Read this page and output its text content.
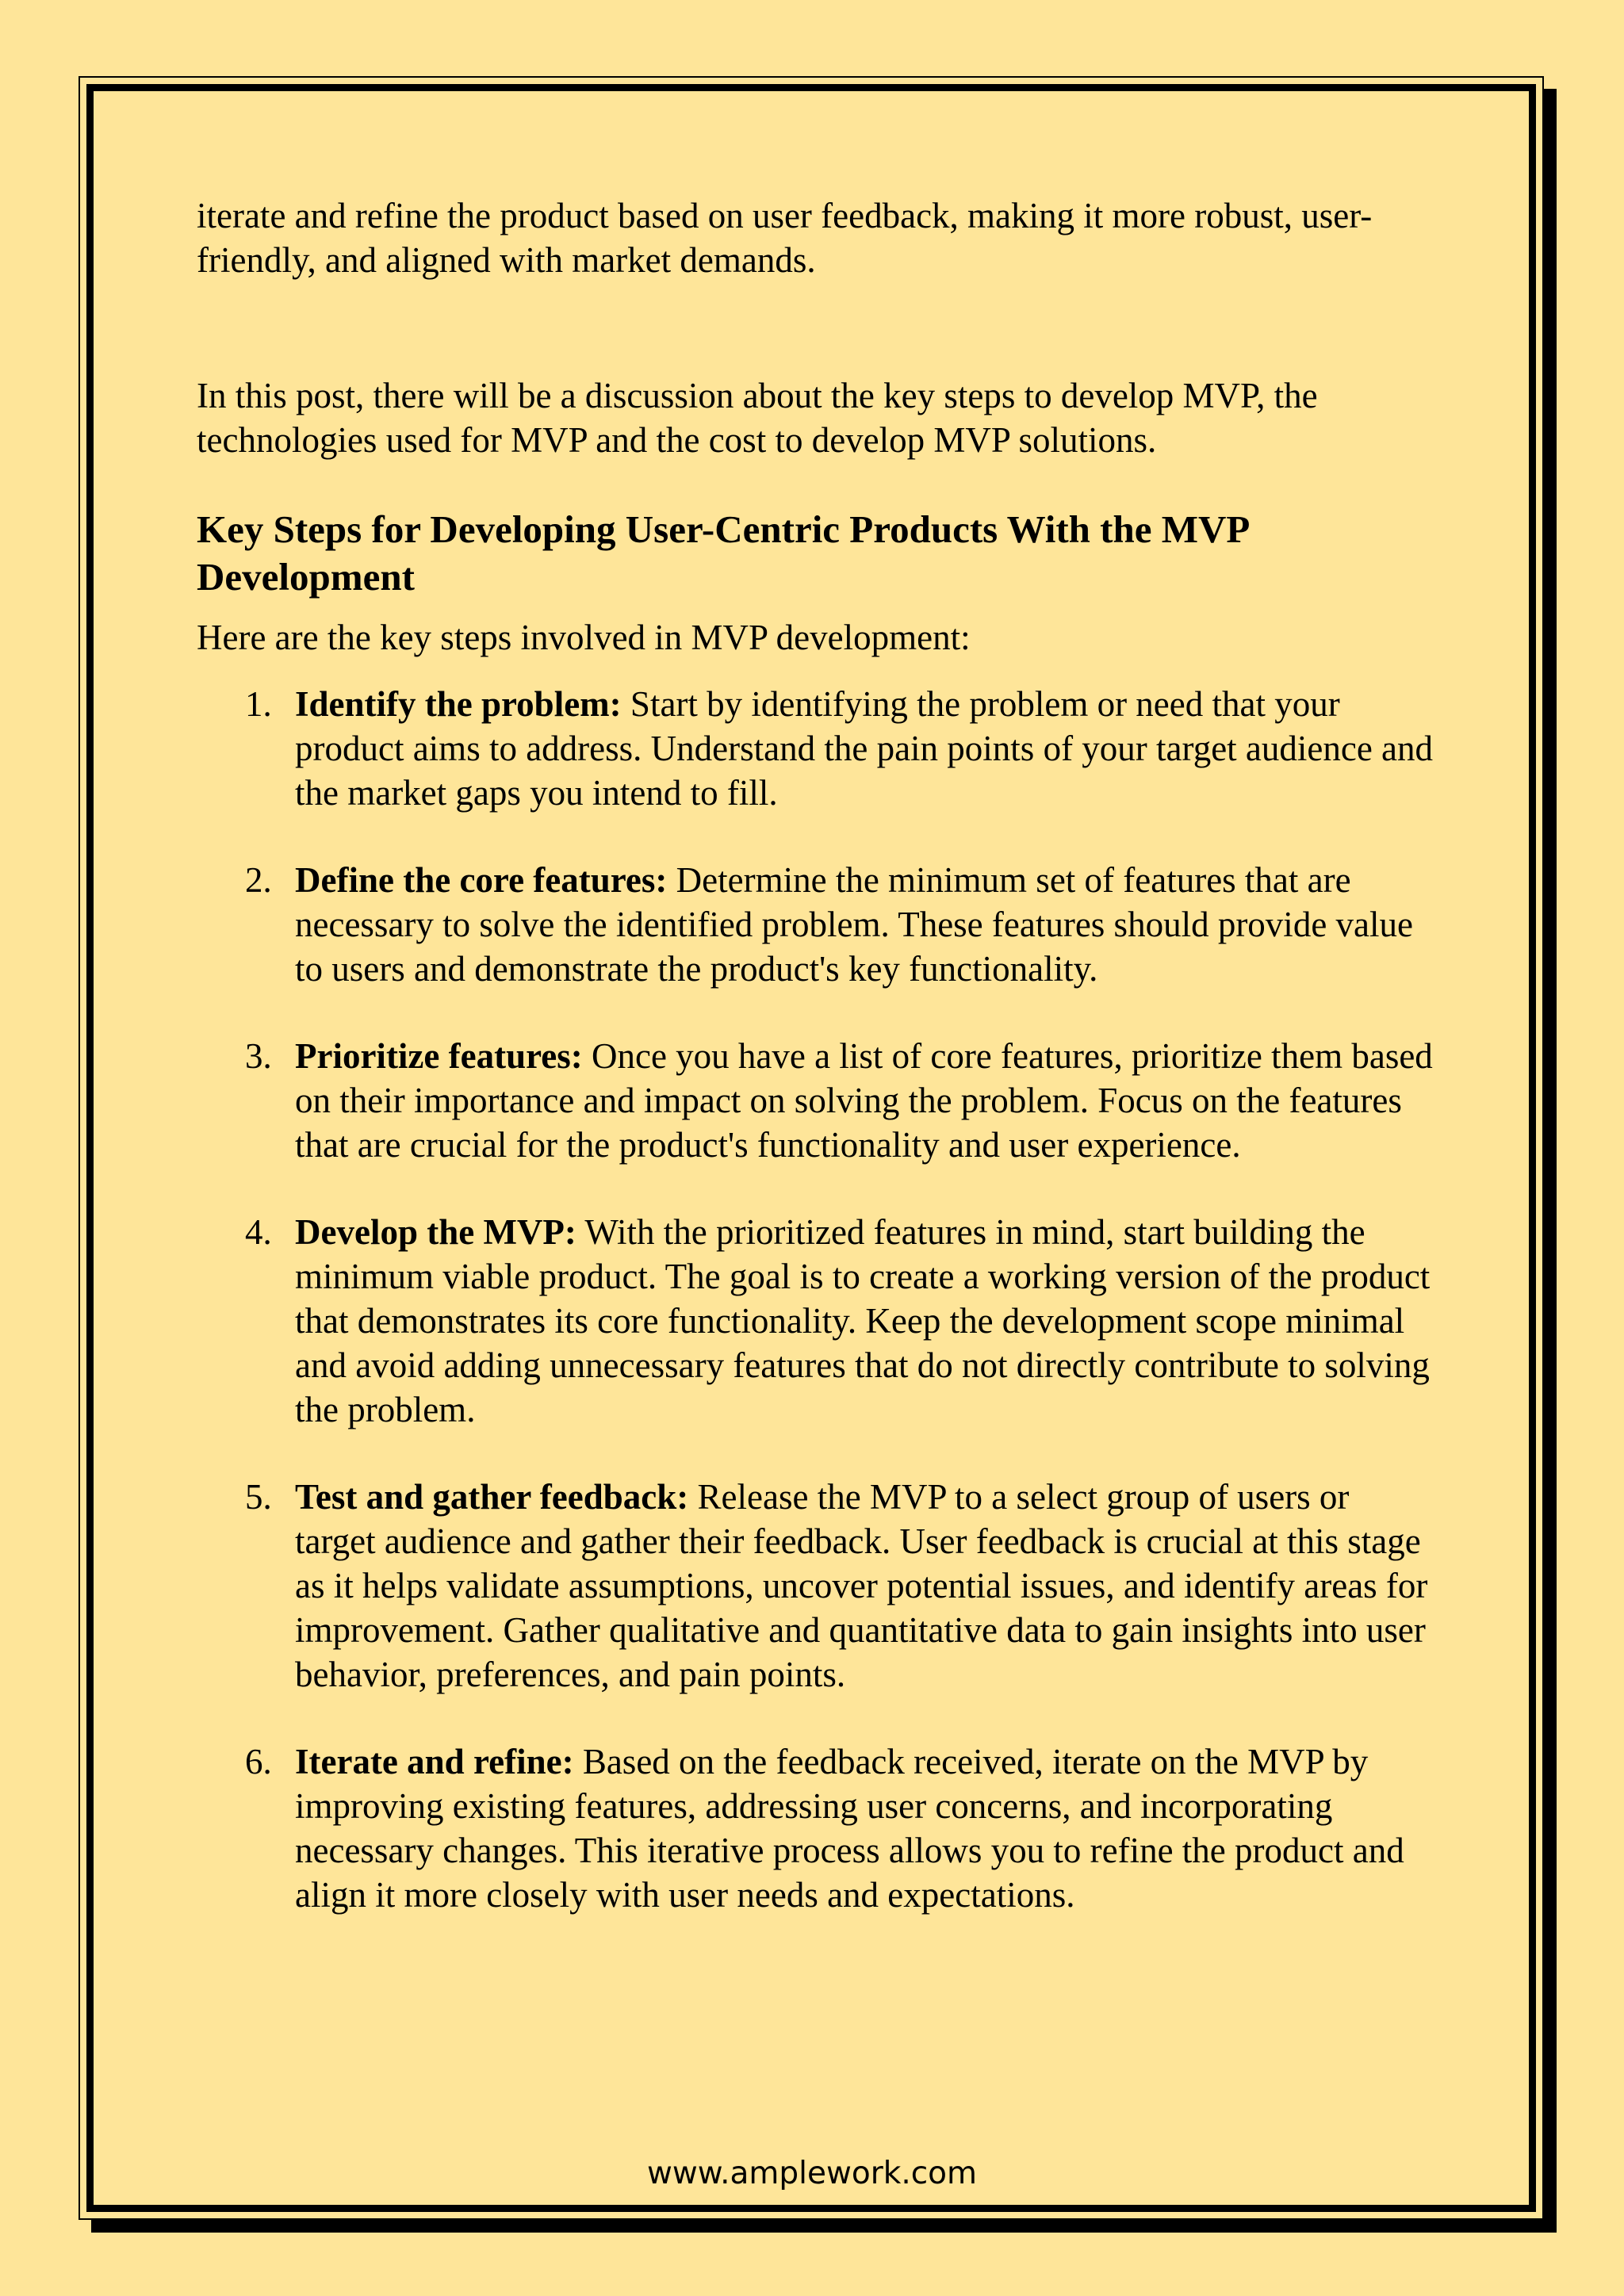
iterate and refine the product based on user feedback, making it more robust, user-friendly, and aligned with market demands.

In this post, there will be a discussion about the key steps to develop MVP, the technologies used for MVP and the cost to develop MVP solutions.

Key Steps for Developing User-Centric Products With the MVP Development

Here are the key steps involved in MVP development:

1. Identify the problem: Start by identifying the problem or need that your product aims to address. Understand the pain points of your target audience and the market gaps you intend to fill.
2. Define the core features: Determine the minimum set of features that are necessary to solve the identified problem. These features should provide value to users and demonstrate the product's key functionality.
3. Prioritize features: Once you have a list of core features, prioritize them based on their importance and impact on solving the problem. Focus on the features that are crucial for the product's functionality and user experience.
4. Develop the MVP: With the prioritized features in mind, start building the minimum viable product. The goal is to create a working version of the product that demonstrates its core functionality. Keep the development scope minimal and avoid adding unnecessary features that do not directly contribute to solving the problem.
5. Test and gather feedback: Release the MVP to a select group of users or target audience and gather their feedback. User feedback is crucial at this stage as it helps validate assumptions, uncover potential issues, and identify areas for improvement. Gather qualitative and quantitative data to gain insights into user behavior, preferences, and pain points.
6. Iterate and refine: Based on the feedback received, iterate on the MVP by improving existing features, addressing user concerns, and incorporating necessary changes. This iterative process allows you to refine the product and align it more closely with user needs and expectations.
www.amplework.com
